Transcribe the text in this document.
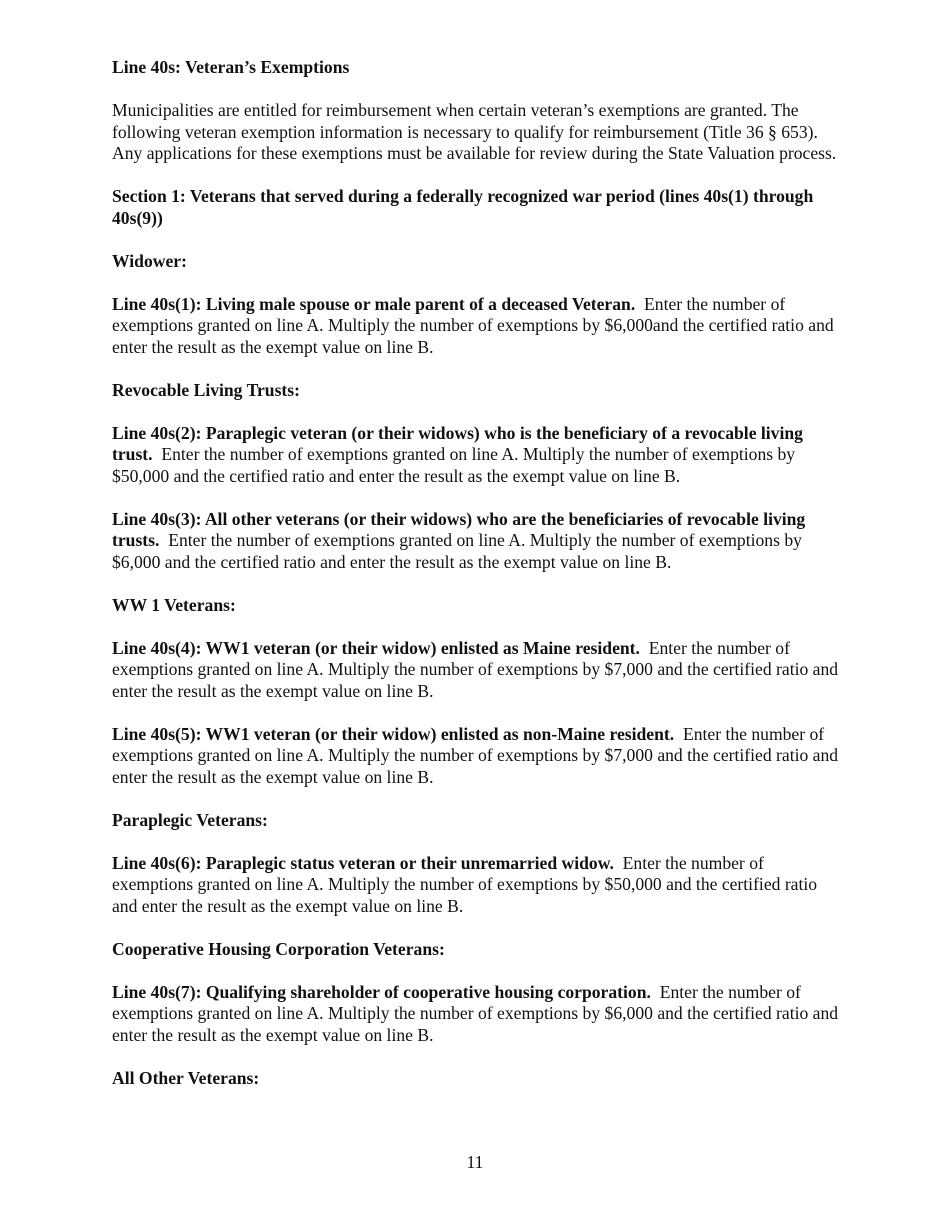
Line 40s: Veteran’s Exemptions

Municipalities are entitled for reimbursement when certain veteran’s exemptions are granted. The following veteran exemption information is necessary to qualify for reimbursement (Title 36 § 653). Any applications for these exemptions must be available for review during the State Valuation process.

Section 1: Veterans that served during a federally recognized war period (lines 40s(1) through 40s(9))

Widower:

Line 40s(1): Living male spouse or male parent of a deceased Veteran. Enter the number of exemptions granted on line A. Multiply the number of exemptions by $6,000and the certified ratio and enter the result as the exempt value on line B.

Revocable Living Trusts:

Line 40s(2): Paraplegic veteran (or their widows) who is the beneficiary of a revocable living trust. Enter the number of exemptions granted on line A. Multiply the number of exemptions by $50,000 and the certified ratio and enter the result as the exempt value on line B.

Line 40s(3): All other veterans (or their widows) who are the beneficiaries of revocable living trusts. Enter the number of exemptions granted on line A. Multiply the number of exemptions by $6,000 and the certified ratio and enter the result as the exempt value on line B.

WW 1 Veterans:

Line 40s(4): WW1 veteran (or their widow) enlisted as Maine resident. Enter the number of exemptions granted on line A. Multiply the number of exemptions by $7,000 and the certified ratio and enter the result as the exempt value on line B.

Line 40s(5): WW1 veteran (or their widow) enlisted as non-Maine resident. Enter the number of exemptions granted on line A. Multiply the number of exemptions by $7,000 and the certified ratio and enter the result as the exempt value on line B.

Paraplegic Veterans:

Line 40s(6): Paraplegic status veteran or their unremarried widow. Enter the number of exemptions granted on line A. Multiply the number of exemptions by $50,000 and the certified ratio and enter the result as the exempt value on line B.

Cooperative Housing Corporation Veterans:

Line 40s(7): Qualifying shareholder of cooperative housing corporation. Enter the number of exemptions granted on line A. Multiply the number of exemptions by $6,000 and the certified ratio and enter the result as the exempt value on line B.

All Other Veterans:

11
